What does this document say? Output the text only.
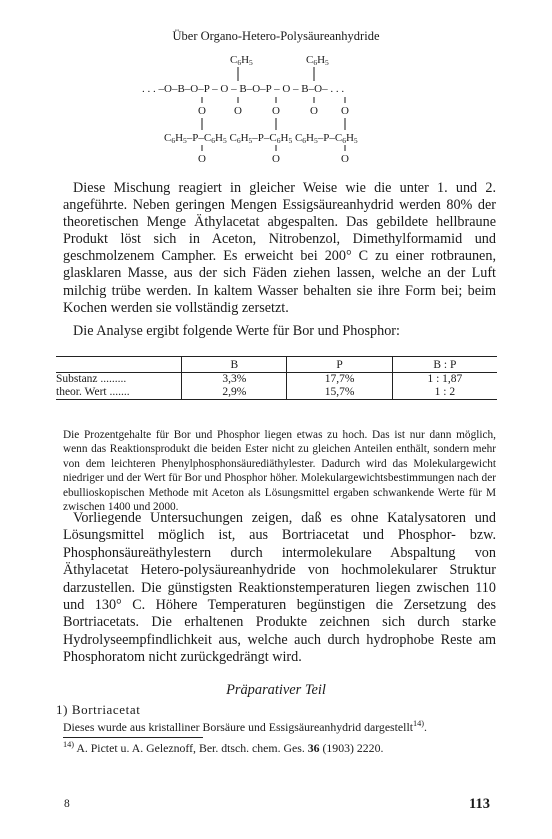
Über Organo-Hetero-Polysäureanhydride
C6H5	C6H5
. . . –O–B–O–P – O – B–O–P – O – B–O– . . .
O	O	O	O O
C6H5–P–C6H5 C6H5–P–C6H5 C6H5–P–C6H5
O	O	O
Diese Mischung reagiert in gleicher Weise wie die unter 1. und 2. angeführte. Neben geringen Mengen Essigsäureanhydrid werden 80% der theoretischen Menge Äthylacetat abgespalten. Das gebildete hellbraune Produkt löst sich in Aceton, Nitrobenzol, Dimethylformamid und geschmolzenem Campher. Es erweicht bei 200° C zu einer rotbraunen, glasklaren Masse, aus der sich Fäden ziehen lassen, welche an der Luft milchig trübe werden. In kaltem Wasser behalten sie ihre Form bei; beim Kochen werden sie vollständig zersetzt.
Die Analyse ergibt folgende Werte für Bor und Phosphor:
	B	P	B : P
Substanz .........	3,3%	17,7%	1 : 1,87
theor. Wert .......	2,9%	15,7%	1 : 2
Die Prozentgehalte für Bor und Phosphor liegen etwas zu hoch. Das ist nur dann möglich, wenn das Reaktionsprodukt die beiden Ester nicht zu gleichen Anteilen enthält, sondern mehr von dem leichteren Phenylphosphonsäurediäthylester. Dadurch wird das Molekulargewicht niedriger und der Wert für Bor und Phosphor höher. Molekulargewichtsbestimmungen nach der ebullioskopischen Methode mit Aceton als Lösungsmittel ergaben schwankende Werte für M zwischen 1400 und 2000.
Vorliegende Untersuchungen zeigen, daß es ohne Katalysatoren und Lösungsmittel möglich ist, aus Bortriacetat und Phosphor- bzw. Phosphonsäureäthylestern durch intermolekulare Abspaltung von Äthylacetat Hetero-polysäureanhydride von hochmolekularer Struktur darzustellen. Die günstigsten Reaktionstemperaturen liegen zwischen 110 und 130° C. Höhere Temperaturen begünstigen die Zersetzung des Bortriacetats. Die erhaltenen Produkte zeichnen sich durch starke Hydrolyseempfindlichkeit aus, welche auch durch hydrophobe Reste am Phosphoratom nicht zurückgedrängt wird.
Präparativer Teil
1) Bortriacetat
Dieses wurde aus kristalliner Borsäure und Essigsäureanhydrid dargestellt$^{14)}$.
$^{14)}$ A. Pictet u. A. Geleznoff, Ber. dtsch. chem. Ges. 36 (1903) 2220.
8	113
